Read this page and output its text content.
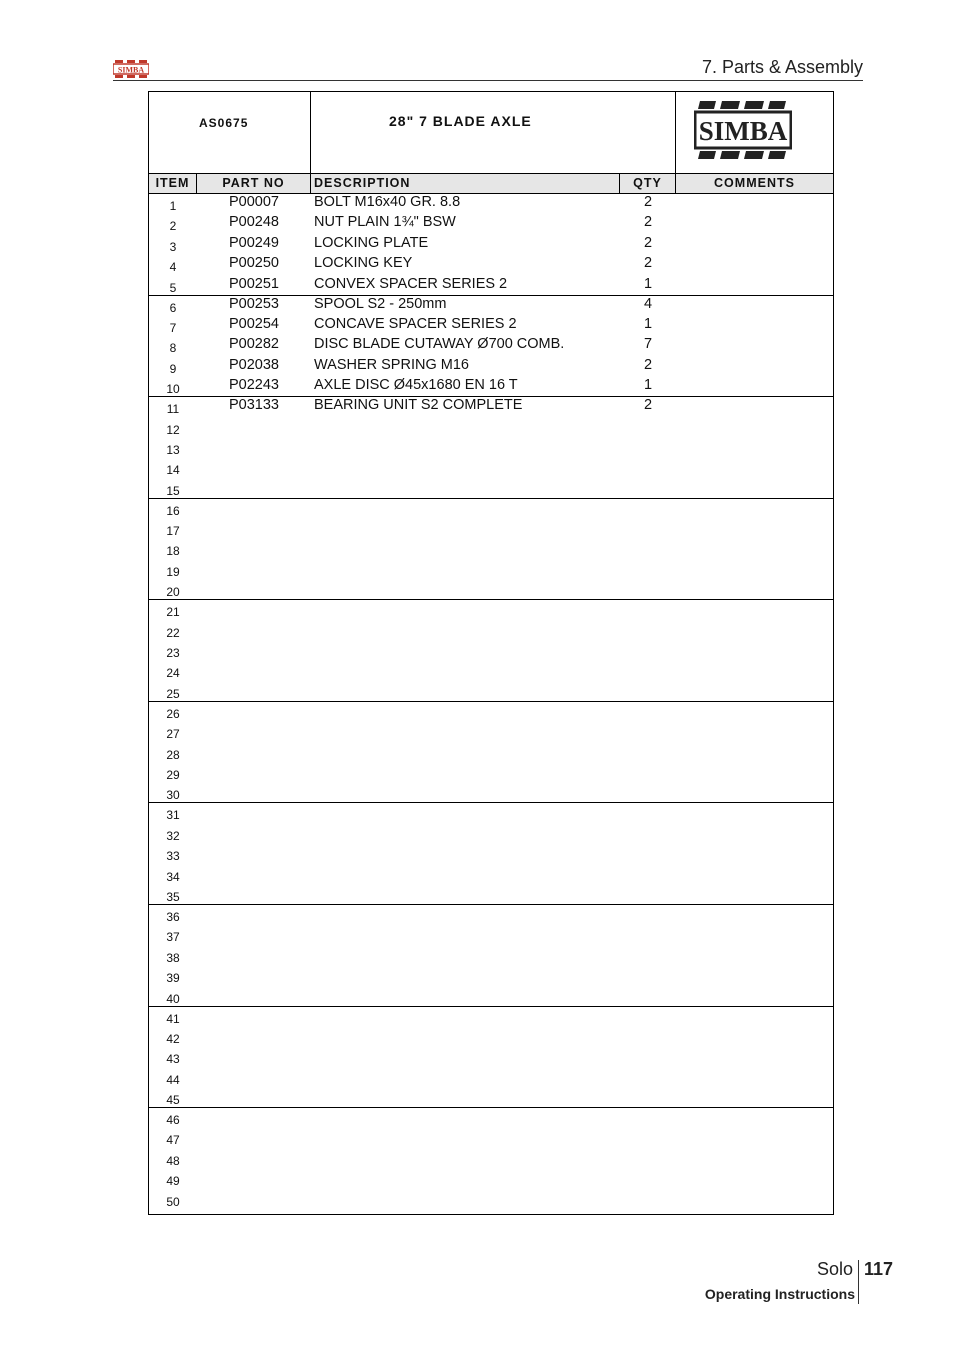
SIMBA	7. Parts & Assembly
AS0675	28" 7 BLADE AXLE	SIMBA
ITEM	PART NO	DESCRIPTION	QTY	COMMENTS
1	P00007	BOLT M16x40 GR. 8.8	2
2	P00248	NUT PLAIN 1¾" BSW	2
3	P00249	LOCKING PLATE	2
4	P00250	LOCKING KEY	2
5	P00251	CONVEX SPACER SERIES 2	1
6	P00253	SPOOL S2 - 250mm	4
7	P00254	CONCAVE SPACER SERIES 2	1
8	P00282	DISC BLADE CUTAWAY Ø700 COMB.	7
9	P02038	WASHER SPRING M16	2
10	P02243	AXLE DISC Ø45x1680 EN 16 T	1
11	P03133	BEARING UNIT S2 COMPLETE	2
12
13
14
15
16
17
18
19
20
21
22
23
24
25
26
27
28
29
30
31
32
33
34
35
36
37
38
39
40
41
42
43
44
45
46
47
48
49
50
Solo 117
Operating Instructions
